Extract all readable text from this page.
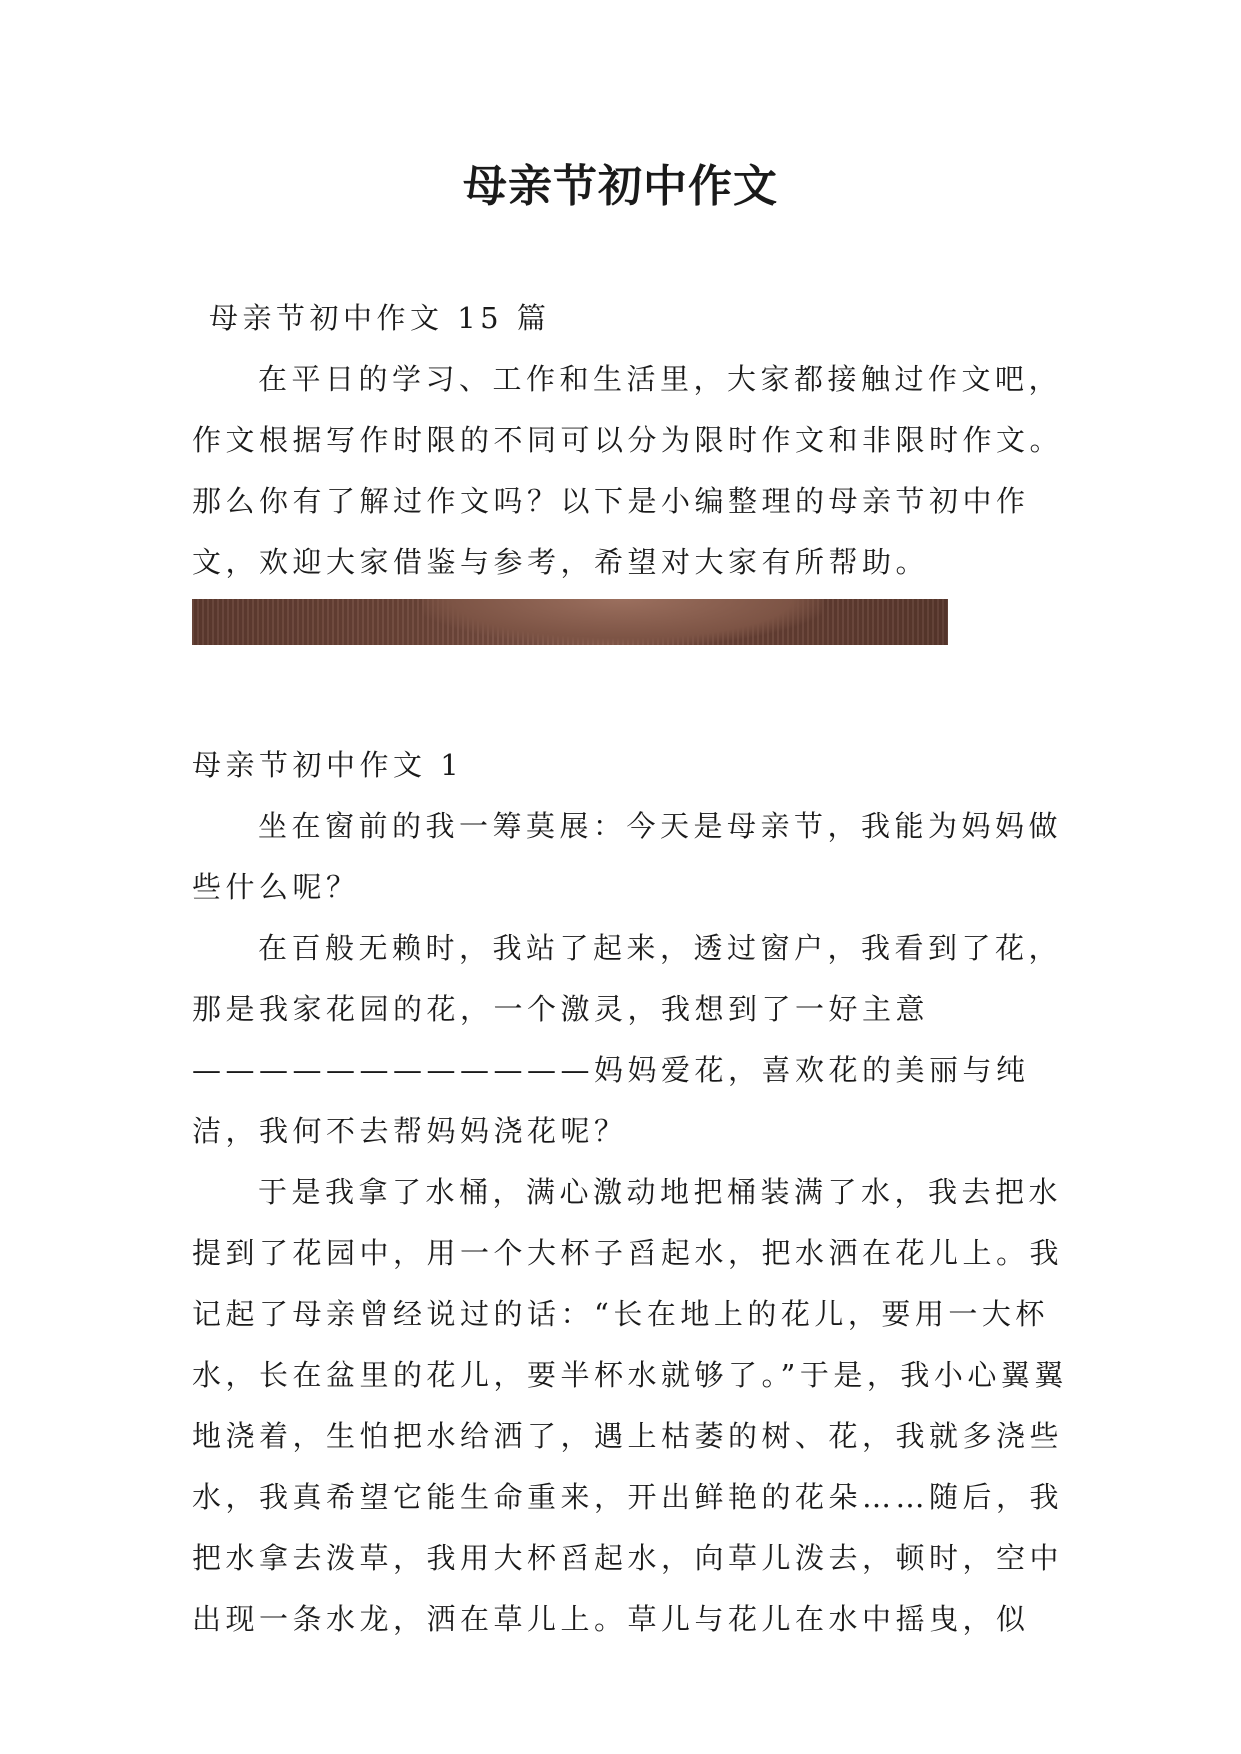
母亲节初中作文

母亲节初中作文 15 篇

在平日的学习、工作和生活里，大家都接触过作文吧，作文根据写作时限的不同可以分为限时作文和非限时作文。那么你有了解过作文吗？以下是小编整理的母亲节初中作文，欢迎大家借鉴与参考，希望对大家有所帮助。

母亲节初中作文 1

坐在窗前的我一筹莫展：今天是母亲节，我能为妈妈做些什么呢？

在百般无赖时，我站了起来，透过窗户，我看到了花，那是我家花园的花，一个激灵，我想到了一好主意————————————妈妈爱花，喜欢花的美丽与纯洁，我何不去帮妈妈浇花呢？

于是我拿了水桶，满心激动地把桶装满了水，我去把水提到了花园中，用一个大杯子舀起水，把水洒在花儿上。我记起了母亲曾经说过的话：“长在地上的花儿，要用一大杯水，长在盆里的花儿，要半杯水就够了。”于是，我小心翼翼地浇着，生怕把水给洒了，遇上枯萎的树、花，我就多浇些水，我真希望它能生命重来，开出鲜艳的花朵……随后，我把水拿去泼草，我用大杯舀起水，向草儿泼去，顿时，空中出现一条水龙，洒在草儿上。草儿与花儿在水中摇曳，似
